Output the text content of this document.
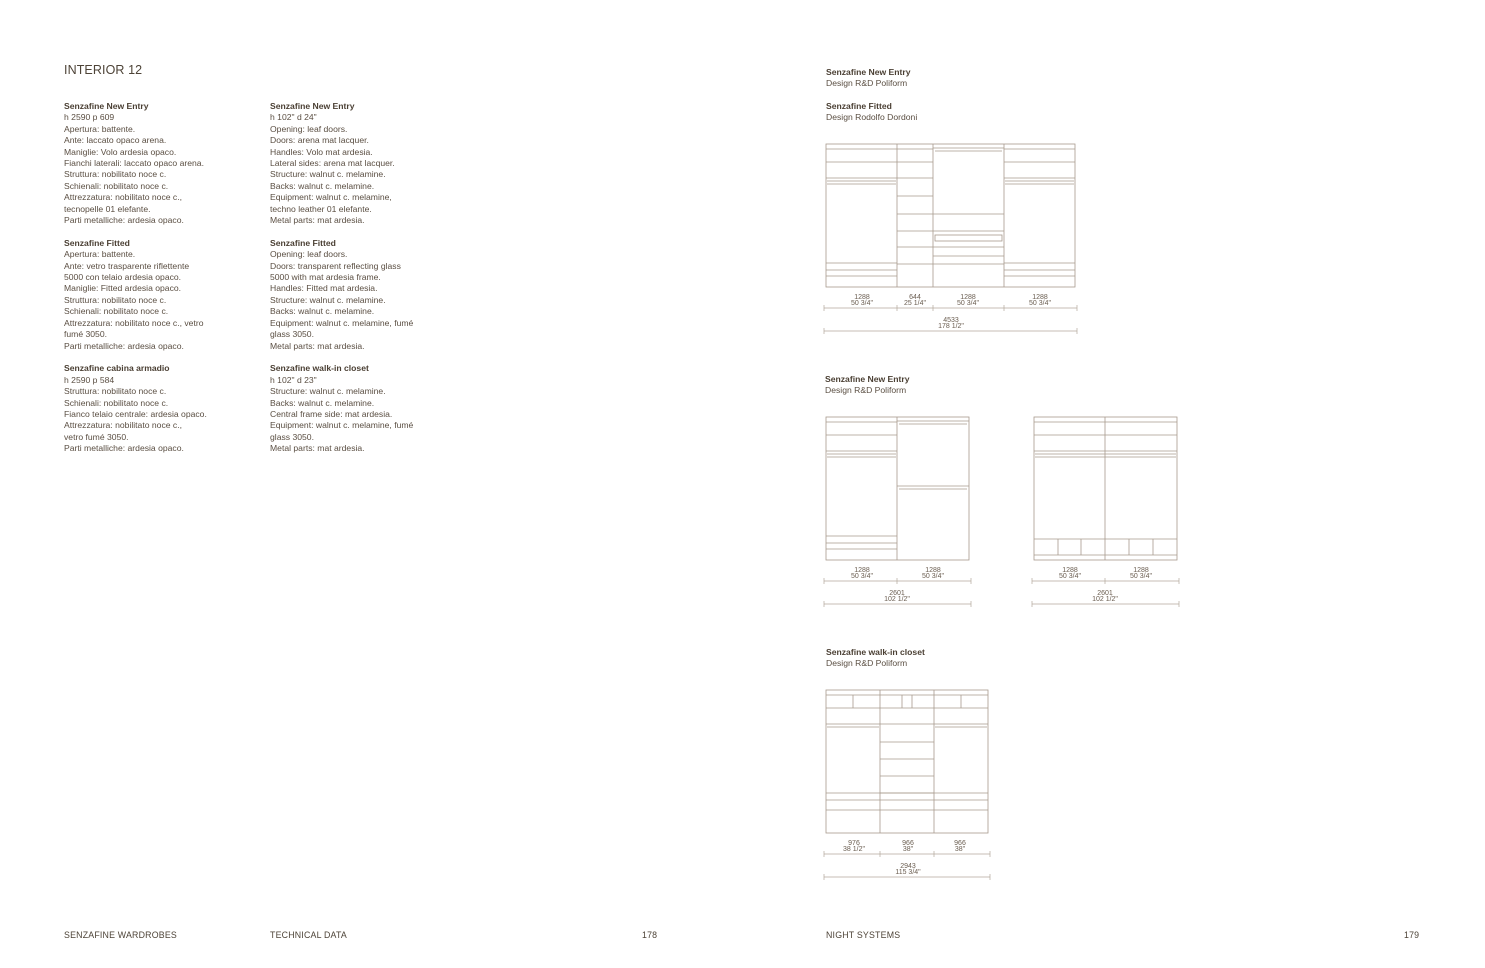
INTERIOR 12
Senzafine New Entry
h 2590 p 609
Apertura: battente.
Ante: laccato opaco arena.
Maniglie: Volo ardesia opaco.
Fianchi laterali: laccato opaco arena.
Struttura: nobilitato noce c.
Schienali: nobilitato noce c.
Attrezzatura: nobilitato noce c.,
tecnopelle 01 elefante.
Parti metalliche: ardesia opaco.
Senzafine Fitted
Apertura: battente.
Ante: vetro trasparente riflettente
5000 con telaio ardesia opaco.
Maniglie: Fitted ardesia opaco.
Struttura: nobilitato noce c.
Schienali: nobilitato noce c.
Attrezzatura: nobilitato noce c., vetro
fumé 3050.
Parti metalliche: ardesia opaco.
Senzafine cabina armadio
h 2590 p 584
Struttura: nobilitato noce c.
Schienali: nobilitato noce c.
Fianco telaio centrale: ardesia opaco.
Attrezzatura: nobilitato noce c.,
vetro fumé 3050.
Parti metalliche: ardesia opaco.
Senzafine New Entry
h 102" d 24"
Opening: leaf doors.
Doors: arena mat lacquer.
Handles: Volo mat ardesia.
Lateral sides: arena mat lacquer.
Structure: walnut c. melamine.
Backs: walnut c. melamine.
Equipment: walnut c. melamine,
techno leather 01 elefante.
Metal parts: mat ardesia.
Senzafine Fitted
Opening: leaf doors.
Doors: transparent reflecting glass
5000 with mat ardesia frame.
Handles: Fitted mat ardesia.
Structure: walnut c. melamine.
Backs: walnut c. melamine.
Equipment: walnut c. melamine, fumé
glass 3050.
Metal parts: mat ardesia.
Senzafine walk-in closet
h 102" d 23"
Structure: walnut c. melamine.
Backs: walnut c. melamine.
Central frame side: mat ardesia.
Equipment: walnut c. melamine, fumé
glass 3050.
Metal parts: mat ardesia.
Senzafine New Entry
Design R&D Poliform
Senzafine Fitted
Design Rodolfo Dordoni
Senzafine New Entry
Design R&D Poliform
Senzafine walk-in closet
Design R&D Poliform
1288
50 3/4"
644
25 1/4"
1288
50 3/4"
1288
50 3/4"
4533
178 1/2"
1288
50 3/4"
1288
50 3/4"
2601
102 1/2"
1288
50 3/4"
1288
50 3/4"
2601
102 1/2"
976
38 1/2"
966
38"
966
38"
2943
115 3/4"
SENZAFINE WARDROBES	TECHNICAL DATA	178	NIGHT SYSTEMS	179
